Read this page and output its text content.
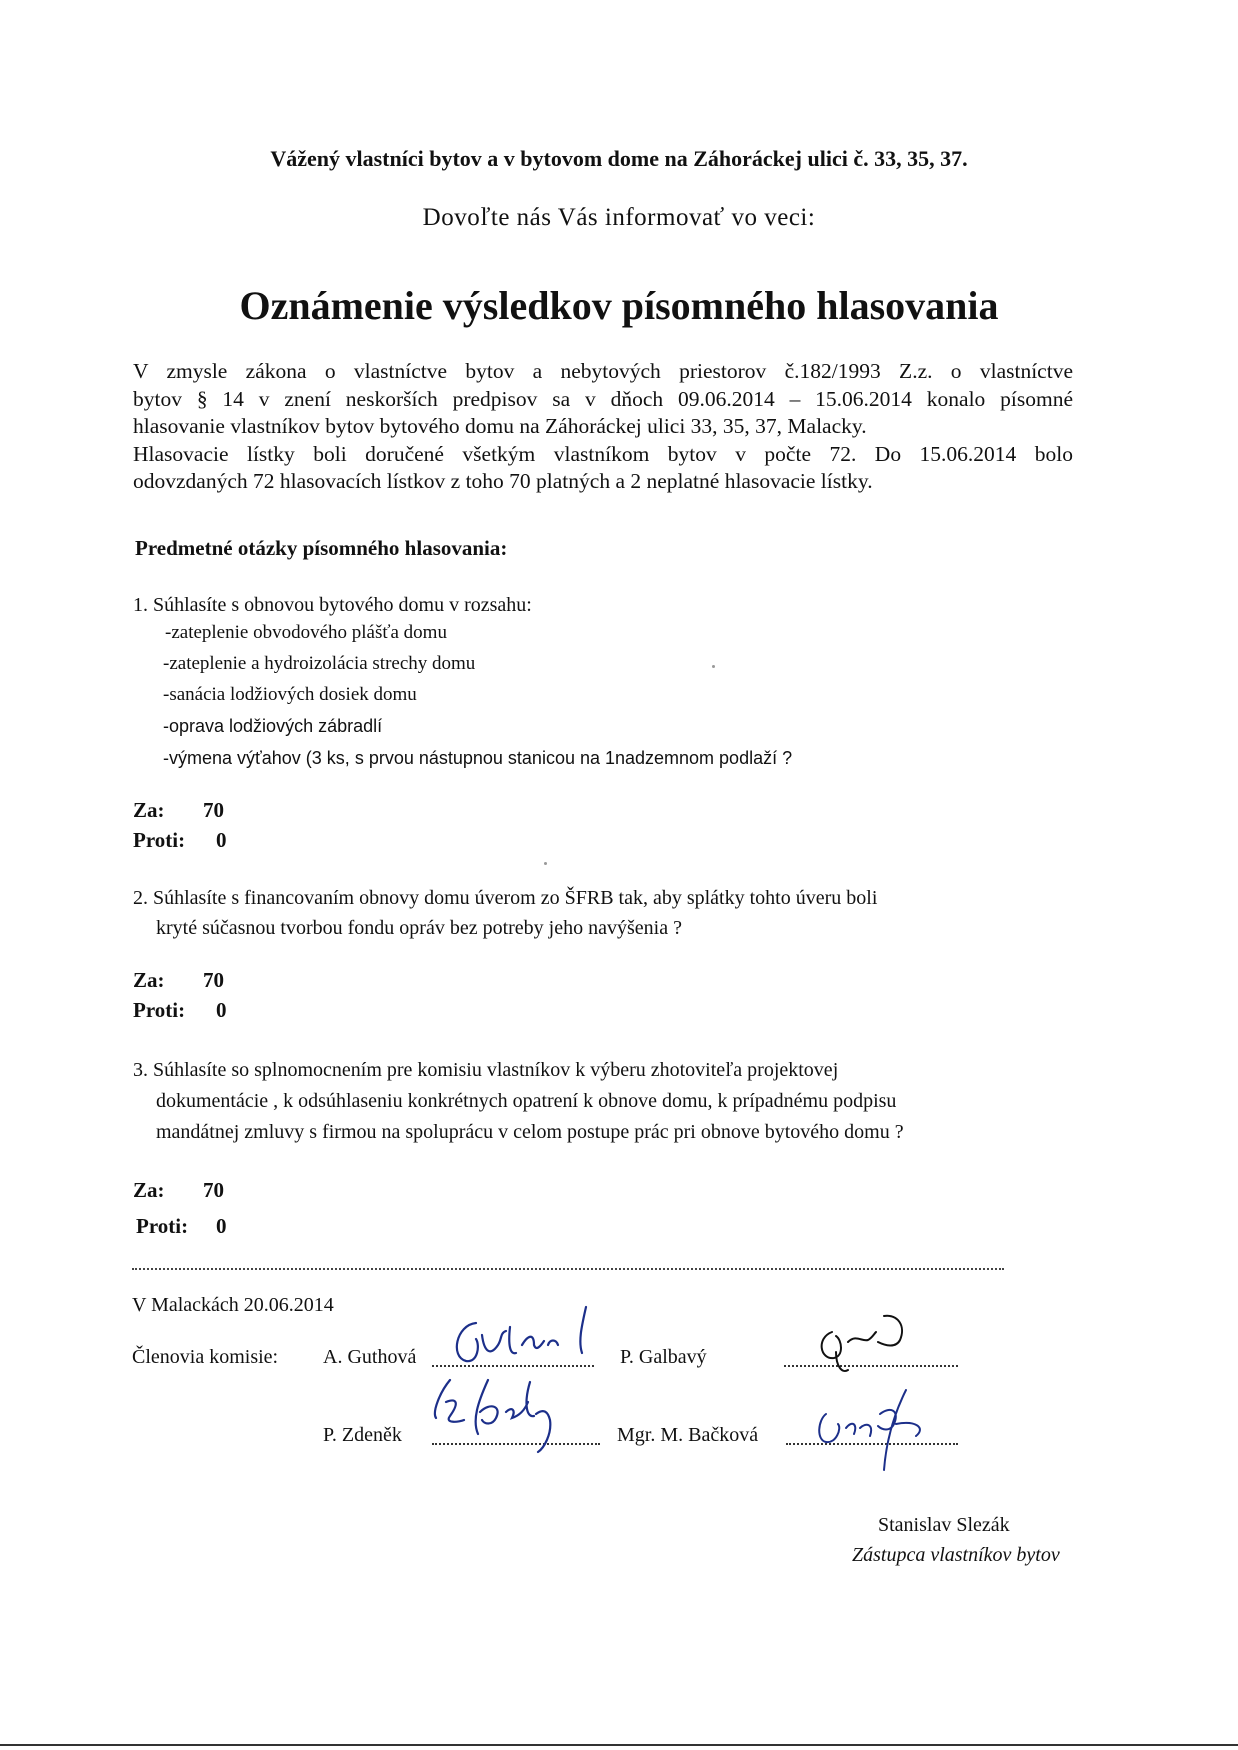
Vážený vlastníci bytov a v bytovom dome na Záhoráckej ulici č. 33, 35, 37.
Dovoľte nás Vás informovať vo veci:
Oznámenie výsledkov písomného hlasovania
V zmysle zákona o vlastníctve bytov a nebytových priestorov č.182/1993 Z.z. o vlastníctve
bytov § 14 v znení neskorších predpisov sa v dňoch 09.06.2014 – 15.06.2014 konalo písomné
hlasovanie vlastníkov bytov bytového domu na Záhoráckej ulici 33, 35, 37, Malacky.
Hlasovacie lístky boli doručené všetkým vlastníkom bytov v počte 72. Do 15.06.2014 bolo
odovzdaných 72 hlasovacích lístkov z toho 70 platných a 2 neplatné hlasovacie lístky.
Predmetné otázky písomného hlasovania:
1. Súhlasíte s obnovou bytového domu v rozsahu:
-zateplenie obvodového plášťa domu
-zateplenie a hydroizolácia strechy domu
-sanácia lodžiových dosiek domu
-oprava lodžiových zábradlí
-výmena výťahov (3 ks, s prvou nástupnou stanicou na 1nadzemnom podlaží ?
Za: 70
Proti: 0
2. Súhlasíte s financovaním obnovy domu úverom zo ŠFRB tak, aby splátky tohto úveru boli
kryté súčasnou tvorbou fondu opráv bez potreby jeho navýšenia ?
Za: 70
Proti: 0
3. Súhlasíte so splnomocnením pre komisiu vlastníkov k výberu zhotoviteľa projektovej
dokumentácie , k odsúhlaseniu konkrétnych opatrení k obnove domu, k prípadnému podpisu
mandátnej zmluvy s firmou na spoluprácu v celom postupe prác pri obnove bytového domu ?
Za: 70
Proti: 0
V Malackách 20.06.2014
Členovia komisie: A. Guthová	P. Galbavý
P. Zdeněk	Mgr. M. Bačková
Stanislav Slezák
Zástupca vlastníkov bytov
